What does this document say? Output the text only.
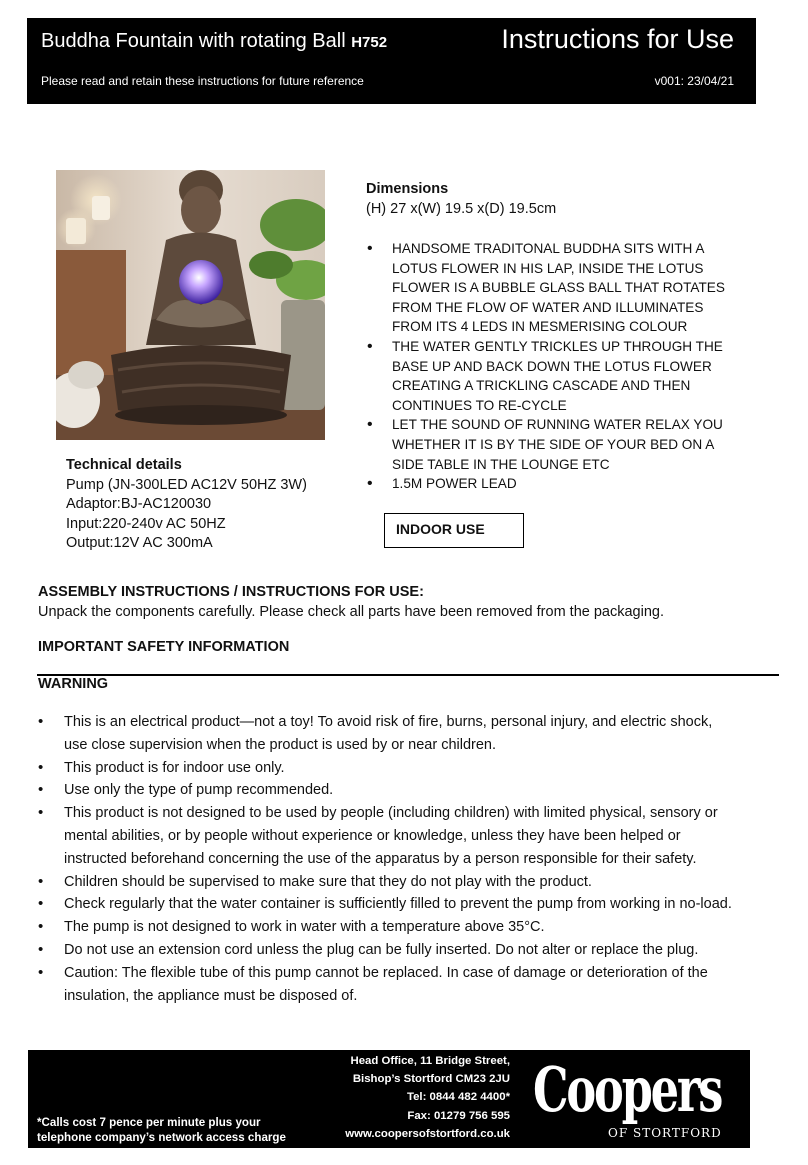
Buddha Fountain with rotating Ball H752	Instructions for Use
Please read and retain these instructions for future reference	v001: 23/04/21
Technical details
Pump (JN-300LED AC12V 50HZ 3W)
Adaptor:BJ-AC120030
Input:220-240v AC 50HZ
Output:12V AC 300mA
Dimensions
(H) 27 x(W) 19.5 x(D) 19.5cm
• HANDSOME TRADITONAL BUDDHA SITS WITH A LOTUS FLOWER IN HIS LAP, INSIDE THE LOTUS FLOWER IS A BUBBLE GLASS BALL THAT ROTATES FROM THE FLOW OF WATER AND ILLUMINATES FROM ITS 4 LEDS IN MESMERISING COLOUR
• THE WATER GENTLY TRICKLES UP THROUGH THE BASE UP AND BACK DOWN THE LOTUS FLOWER CREATING A TRICKLING CASCADE AND THEN CONTINUES TO RE-CYCLE
• LET THE SOUND OF RUNNING WATER RELAX YOU WHETHER IT IS BY THE SIDE OF YOUR BED ON A SIDE TABLE IN THE LOUNGE ETC
• 1.5M POWER LEAD
INDOOR USE
ASSEMBLY INSTRUCTIONS / INSTRUCTIONS FOR USE:
Unpack the components carefully. Please check all parts have been removed from the packaging.
IMPORTANT SAFETY INFORMATION
WARNING
• This is an electrical product—not a toy! To avoid risk of fire, burns, personal injury, and electric shock, use close supervision when the product is used by or near children.
• This product is for indoor use only.
• Use only the type of pump recommended.
• This product is not designed to be used by people (including children) with limited physical, sensory or mental abilities, or by people without experience or knowledge, unless they have been helped or instructed beforehand concerning the use of the apparatus by a person responsible for their safety.
• Children should be supervised to make sure that they do not play with the product.
• Check regularly that the water container is sufficiently filled to prevent the pump from working in no-load.
• The pump is not designed to work in water with a temperature above 35°C.
• Do not use an extension cord unless the plug can be fully inserted. Do not alter or replace the plug.
• Caution: The flexible tube of this pump cannot be replaced. In case of damage or deterioration of the insulation, the appliance must be disposed of.
*Calls cost 7 pence per minute plus your
telephone company’s network access charge
Head Office, 11 Bridge Street,
Bishop’s Stortford CM23 2JU
Tel: 0844 482 4400*
Fax: 01279 756 595
www.coopersofstortford.co.uk
Coopers
OF STORTFORD
